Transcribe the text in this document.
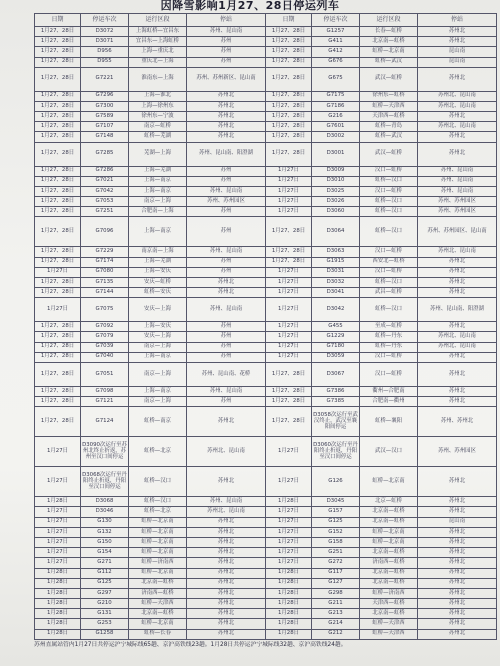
因降雪影响1月27、28日停运列车
日期	停运车次	运行区段	停站	日期	停运车次	运行区段	停站
1月27、28日	D3072	上海虹桥—宜昌东	苏州、昆山南	1月27、28日	G1257	长春—虹桥	苏州北
1月27、28日	D3071	宜昌东—上海虹桥	苏州	1月27、28日	G411	北京南—虹桥	苏州北
1月27、28日	D956	上海—重庆北	苏州	1月27、28日	G412	虹桥—北京南	昆山南
1月27、28日	D955	重庆北—上海	苏州	1月27、28日	G676	虹桥—武汉	昆山南
1月27、28日	G7221	淮南东—上海	苏州、苏州新区、昆山南	1月27、28日	G675	武汉—虹桥	苏州北
1月27、28日	G7296	上海—淮北	苏州北	1月27、28日	G7175	徐州东—虹桥	苏州北、昆山南
1月27、28日	G7300	上海—徐州东	苏州北	1月27、28日	G7186	虹桥—天津西	苏州北、昆山南
1月27、28日	G7589	徐州东—宁波	苏州北	1月27、28日	G216	天津西—虹桥	苏州北
1月27、28日	G7107	南京—虹桥	苏州北	1月27、28日	G7601	虹桥—青岛	苏州北、昆山南
1月27、28日	G7148	虹桥—芜湖	苏州北	1月27、28日	D3002	虹桥—武汉	苏州北
1月27、28日	G7285	芜湖—上海	苏州、昆山南、阳澄湖	1月27、28日	D3001	武汉—虹桥	苏州北
1月27、28日	G7286	上海—芜湖	苏州	1月27日	D3009	汉口—虹桥	苏州、昆山南
1月27、28日	G7021	上海—南京	苏州	1月27日	D3010	虹桥—汉口	苏州、昆山南
1月27、28日	G7042	上海—南京	苏州、昆山南	1月27日	D3025	汉口—虹桥	苏州、昆山南
1月27、28日	G7053	南京—上海	苏州、苏州园区	1月27日	D3026	虹桥—汉口	苏州、苏州园区
1月27、28日	G7251	合肥南—上海	苏州	1月27日	D3060	虹桥—汉口	苏州、苏州园区
1月27、28日	G7096	上海—南京	苏州	1月27、28日	D3064	虹桥—汉口	苏州、苏州园区、昆山南
1月27、28日	G7229	南京南—上海	苏州、昆山南	1月27、28日	D3063	汉口—虹桥	苏州北、昆山南
1月27、28日	G7174	上海—芜湖	苏州	1月27、28日	G1915	西安北—虹桥	苏州北
1月27日	G7080	上海—安庆	苏州	1月27日	D3031	汉口—虹桥	苏州北
1月27、28日	G7135	安庆—虹桥	苏州北	1月27日	D3032	虹桥—汉口	苏州北
1月27、28日	G7144	虹桥—安庆	苏州北	1月27日	D3041	武昌—虹桥	苏州北
1月27日	G7075	安庆—上海	苏州、昆山南	1月27日	D3042	虹桥—汉口	苏州、昆山南、阳澄湖
1月27、28日	G7092	上海—安庆	苏州	1月27日	G455	至成—虹桥	苏州北
1月27、28日	G7079	安庆—上海	苏州	1月27日	G1229	虹桥—丹东	苏州北、昆山南
1月27、28日	G7039	南京—上海	苏州	1月27日	G7180	虹桥—丹东	苏州北、昆山南
1月27、28日	G7040	上海—南京	苏州	1月27日	D3059	汉口—虹桥	苏州北
1月27、28日	G7051	南京—上海	苏州、昆山南、花桥	1月27、28日	D3067	汉口—虹桥	苏州北
1月27、28日	G7098	上海—南京	苏州、昆山南	1月27、28日	G7386	衢州—合肥南	苏州北
1月27、28日	G7121	南京—上海	苏州	1月27、28日	G7385	合肥南—衢州	苏州北
1月27、28日	G7124	虹桥—南京	苏州北	1月27、28日	D3058次运行至武汉终止，武汉至襄阳间停运	虹桥—襄阳	苏州、苏州北
1月27日	D3090次运行至苏州北终止折返，苏州至汉口间停运	虹桥—北京	苏州北、昆山南	1月27日	D3060次运行至丹阳终止折返，丹阳至汉口间停运	武汉—汉口	苏州、苏州园区
1月27日	D3068次运行至丹阳终止折返，丹阳至汉口间停运	虹桥—汉口	苏州北	1月27日	G126	虹桥—北京南	苏州北
1月28日	D3068	虹桥—汉口	苏州、昆山南	1月28日	D3045	北京—虹桥	苏州北
1月27日	D3046	虹桥—北京	苏州北、昆山南	1月27日	G157	北京南—虹桥	苏州北
1月27日	G130	虹桥—北京南	苏州北	1月27日	G125	北京南—虹桥	昆山南
1月27日	G132	虹桥—北京南	苏州北	1月27日	G152	虹桥—北京南	苏州北
1月27日	G150	虹桥—北京南	苏州北	1月27日	G158	虹桥—北京南	苏州北
1月27日	G154	虹桥—北京南	苏州北	1月27日	G251	北京南—虹桥	苏州北
1月27日	G271	虹桥—济南西	苏州北	1月27日	G272	济南西—虹桥	苏州北
1月28日	G112	虹桥—北京南	苏州北	1月28日	G117	北京南—虹桥	苏州北
1月28日	G125	北京南—虹桥	苏州北	1月28日	G127	北京南—虹桥	苏州北
1月28日	G297	济南西—虹桥	苏州北	1月28日	G298	虹桥—济南西	苏州北
1月28日	G210	虹桥—天津西	苏州北	1月28日	G211	天津西—虹桥	苏州北
1月28日	G131	北京南—虹桥	苏州北	1月28日	G213	北京南—虹桥	苏州北
1月28日	G253	虹桥—北京南	苏州北	1月28日	G214	虹桥—天津西	苏州北
1月28日	G1258	虹桥—长春	苏州北	1月28日	G212	虹桥—天津西	苏州北
苏州直属站管内1月27日共停运沪宁城际线65趟、京沪高铁线23趟。1月28日共停运沪宁城际线32趟、京沪高铁线24趟。
